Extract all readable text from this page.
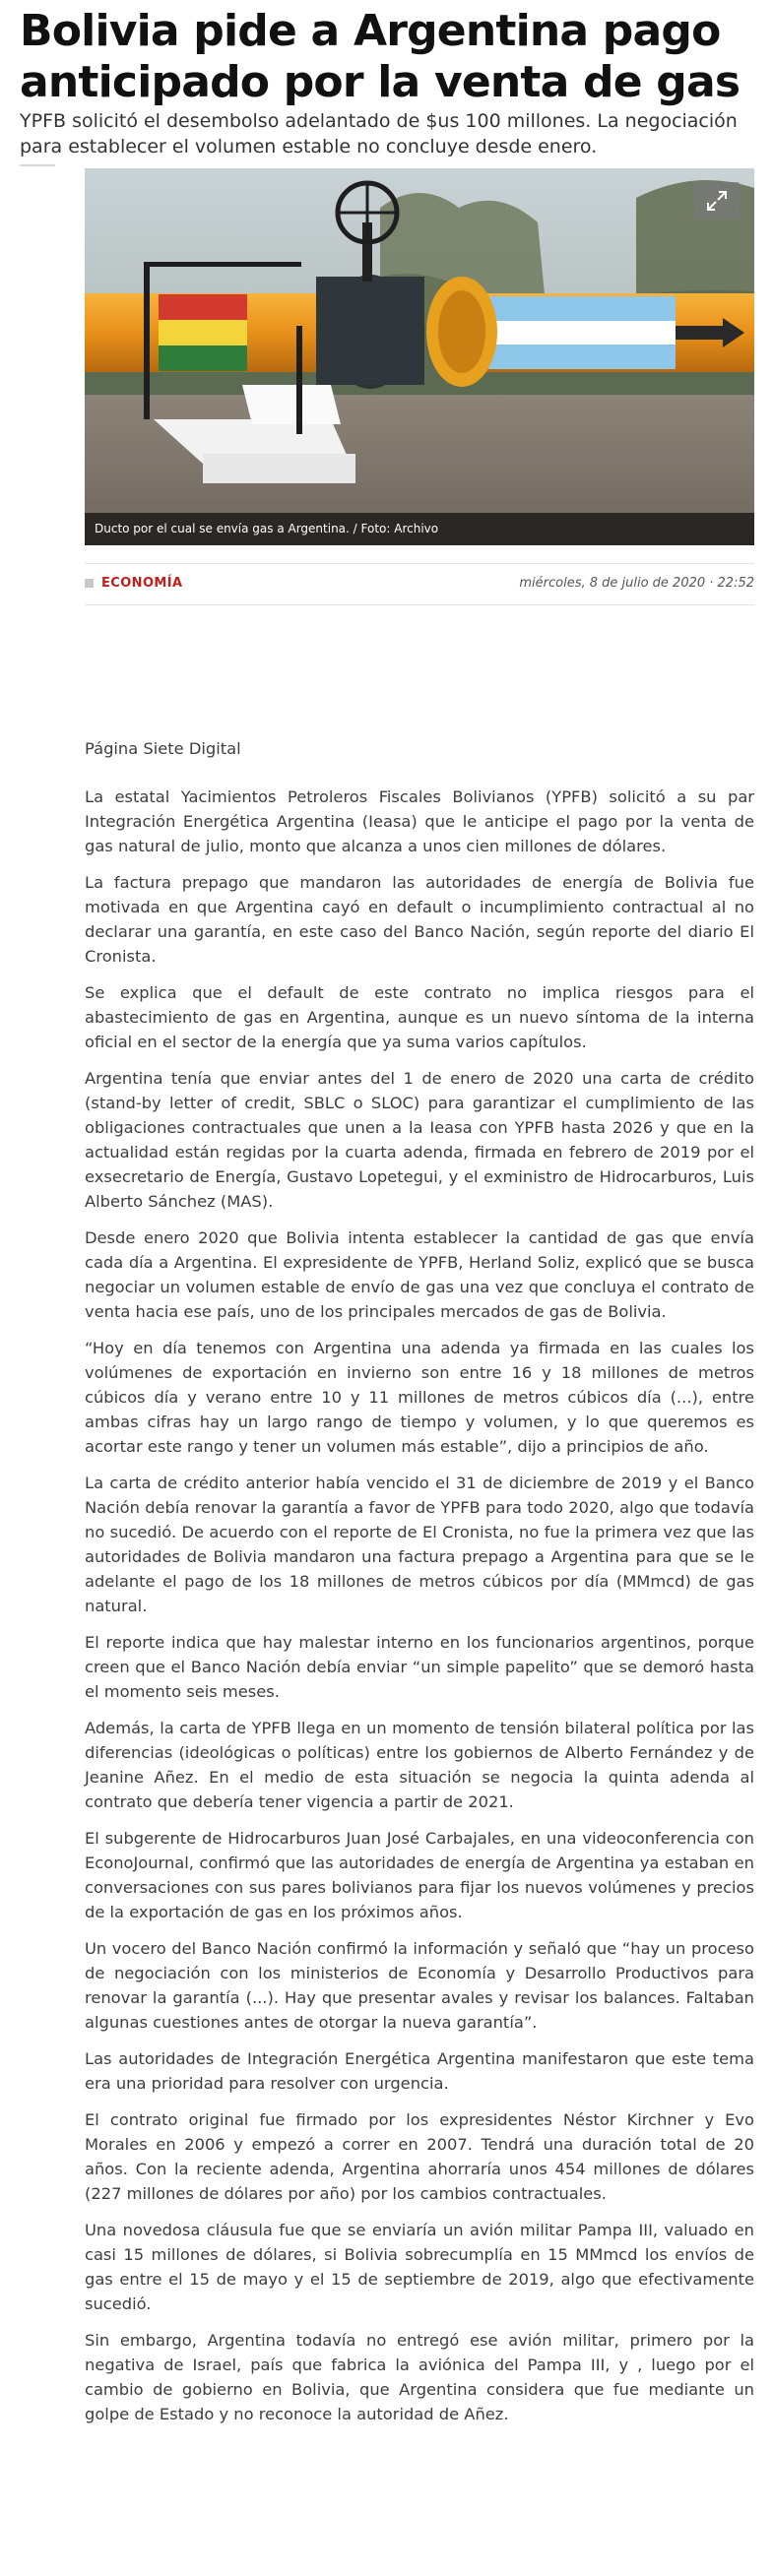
Bolivia pide a Argentina pago anticipado por la venta de gas

YPFB solicitó el desembolso adelantado de $us 100 millones. La negociación para establecer el volumen estable no concluye desde enero.

Ducto por el cual se envía gas a Argentina. / Foto: Archivo
ECONOMÍA	miércoles, 8 de julio de 2020 · 22:52

Página Siete Digital

La estatal Yacimientos Petroleros Fiscales Bolivianos (YPFB) solicitó a su par Integración Energética Argentina (Ieasa) que le anticipe el pago por la venta de gas natural de julio, monto que alcanza a unos cien millones de dólares.

La factura prepago que mandaron las autoridades de energía de Bolivia fue motivada en que Argentina cayó en default o incumplimiento contractual al no declarar una garantía, en este caso del Banco Nación, según reporte del diario El Cronista.

Se explica que el default de este contrato no implica riesgos para el abastecimiento de gas en Argentina, aunque es un nuevo síntoma de la interna oficial en el sector de la energía que ya suma varios capítulos.

Argentina tenía que enviar antes del 1 de enero de 2020 una carta de crédito (stand-by letter of credit, SBLC o SLOC) para garantizar el cumplimiento de las obligaciones contractuales que unen a la Ieasa con YPFB hasta 2026 y que en la actualidad están regidas por la cuarta adenda, firmada en febrero de 2019 por el exsecretario de Energía, Gustavo Lopetegui, y el exministro de Hidrocarburos, Luis Alberto Sánchez (MAS).

Desde enero 2020 que Bolivia intenta establecer la cantidad de gas que envía cada día a Argentina. El expresidente de YPFB, Herland Soliz, explicó que se busca negociar un volumen estable de envío de gas una vez que concluya el contrato de venta hacia ese país, uno de los principales mercados de gas de Bolivia.

“Hoy en día tenemos con Argentina una adenda ya firmada en las cuales los volúmenes de exportación en invierno son entre 16 y 18 millones de metros cúbicos día y verano entre 10 y 11 millones de metros cúbicos día (...), entre ambas cifras hay un largo rango de tiempo y volumen, y lo que queremos es acortar este rango y tener un volumen más estable”, dijo a principios de año.

La carta de crédito anterior había vencido el 31 de diciembre de 2019 y el Banco Nación debía renovar la garantía a favor de YPFB para todo 2020, algo que todavía no sucedió. De acuerdo con el reporte de El Cronista, no fue la primera vez que las autoridades de Bolivia mandaron una factura prepago a Argentina para que se le adelante el pago de los 18 millones de metros cúbicos por día (MMmcd) de gas natural.

El reporte indica que hay malestar interno en los funcionarios argentinos, porque creen que el Banco Nación debía enviar “un simple papelito” que se demoró hasta el momento seis meses.

Además, la carta de YPFB llega en un momento de tensión bilateral política por las diferencias (ideológicas o políticas) entre los gobiernos de Alberto Fernández y de Jeanine Añez. En el medio de esta situación se negocia la quinta adenda al contrato que debería tener vigencia a partir de 2021.

El subgerente de Hidrocarburos Juan José Carbajales, en una videoconferencia con EconoJournal, confirmó que las autoridades de energía de Argentina ya estaban en conversaciones con sus pares bolivianos para fijar los nuevos volúmenes y precios de la exportación de gas en los próximos años.

Un vocero del Banco Nación confirmó la información y señaló que “hay un proceso de negociación con los ministerios de Economía y Desarrollo Productivos para renovar la garantía (...). Hay que presentar avales y revisar los balances. Faltaban algunas cuestiones antes de otorgar la nueva garantía”.

Las autoridades de Integración Energética Argentina manifestaron que este tema era una prioridad para resolver con urgencia.

El contrato original fue firmado por los expresidentes Néstor Kirchner y Evo Morales en 2006 y empezó a correr en 2007. Tendrá una duración total de 20 años. Con la reciente adenda, Argentina ahorraría unos 454 millones de dólares (227 millones de dólares por año) por los cambios contractuales.

Una novedosa cláusula fue que se enviaría un avión militar Pampa III, valuado en casi 15 millones de dólares, si Bolivia sobrecumplía en 15 MMmcd los envíos de gas entre el 15 de mayo y el 15 de septiembre de 2019, algo que efectivamente sucedió.

Sin embargo, Argentina todavía no entregó ese avión militar, primero por la negativa de Israel, país que fabrica la aviónica del Pampa III, y , luego por el cambio de gobierno en Bolivia, que Argentina considera que fue mediante un golpe de Estado y no reconoce la autoridad de Añez.
